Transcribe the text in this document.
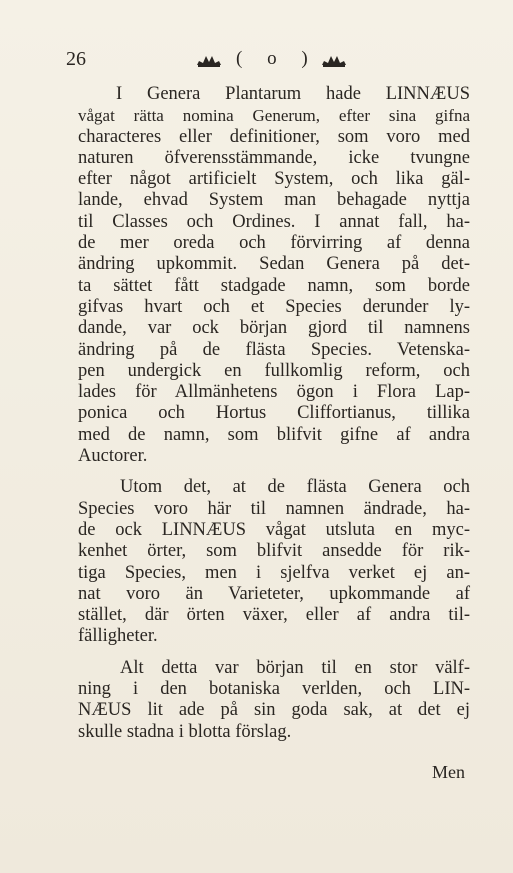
26	( o )
I Genera Plantarum hade LINNÆUS
vågat rätta nomina Generum, efter sina gifna
characteres eller definitioner, som voro med
naturen öfverensstämmande, icke tvungne
efter något artificielt System, och lika gäl-
lande, ehvad System man behagade nyttja
til Classes och Ordines. I annat fall, ha-
de mer oreda och förvirring af denna
ändring upkommit. Sedan Genera på det-
ta sättet fått stadgade namn, som borde
gifvas hvart och et Species derunder ly-
dande, var ock början gjord til namnens
ändring på de flästa Species. Vetenska-
pen undergick en fullkomlig reform, och
lades för Allmänhetens ögon i Flora Lap-
ponica och Hortus Cliffortianus, tillika
med de namn, som blifvit gifne af andra
Auctorer.
Utom det, at de flästa Genera och
Species voro här til namnen ändrade, ha-
de ock LINNÆUS vågat utsluta en myc-
kenhet örter, som blifvit ansedde för rik-
tiga Species, men i sjelfva verket ej an-
nat voro än Varieteter, upkommande af
stället, där örten växer, eller af andra til-
fälligheter.
Alt detta var början til en stor välf-
ning i den botaniska verlden, och LIN-
NÆUS lit ade på sin goda sak, at det ej
skulle stadna i blotta förslag.
Men
